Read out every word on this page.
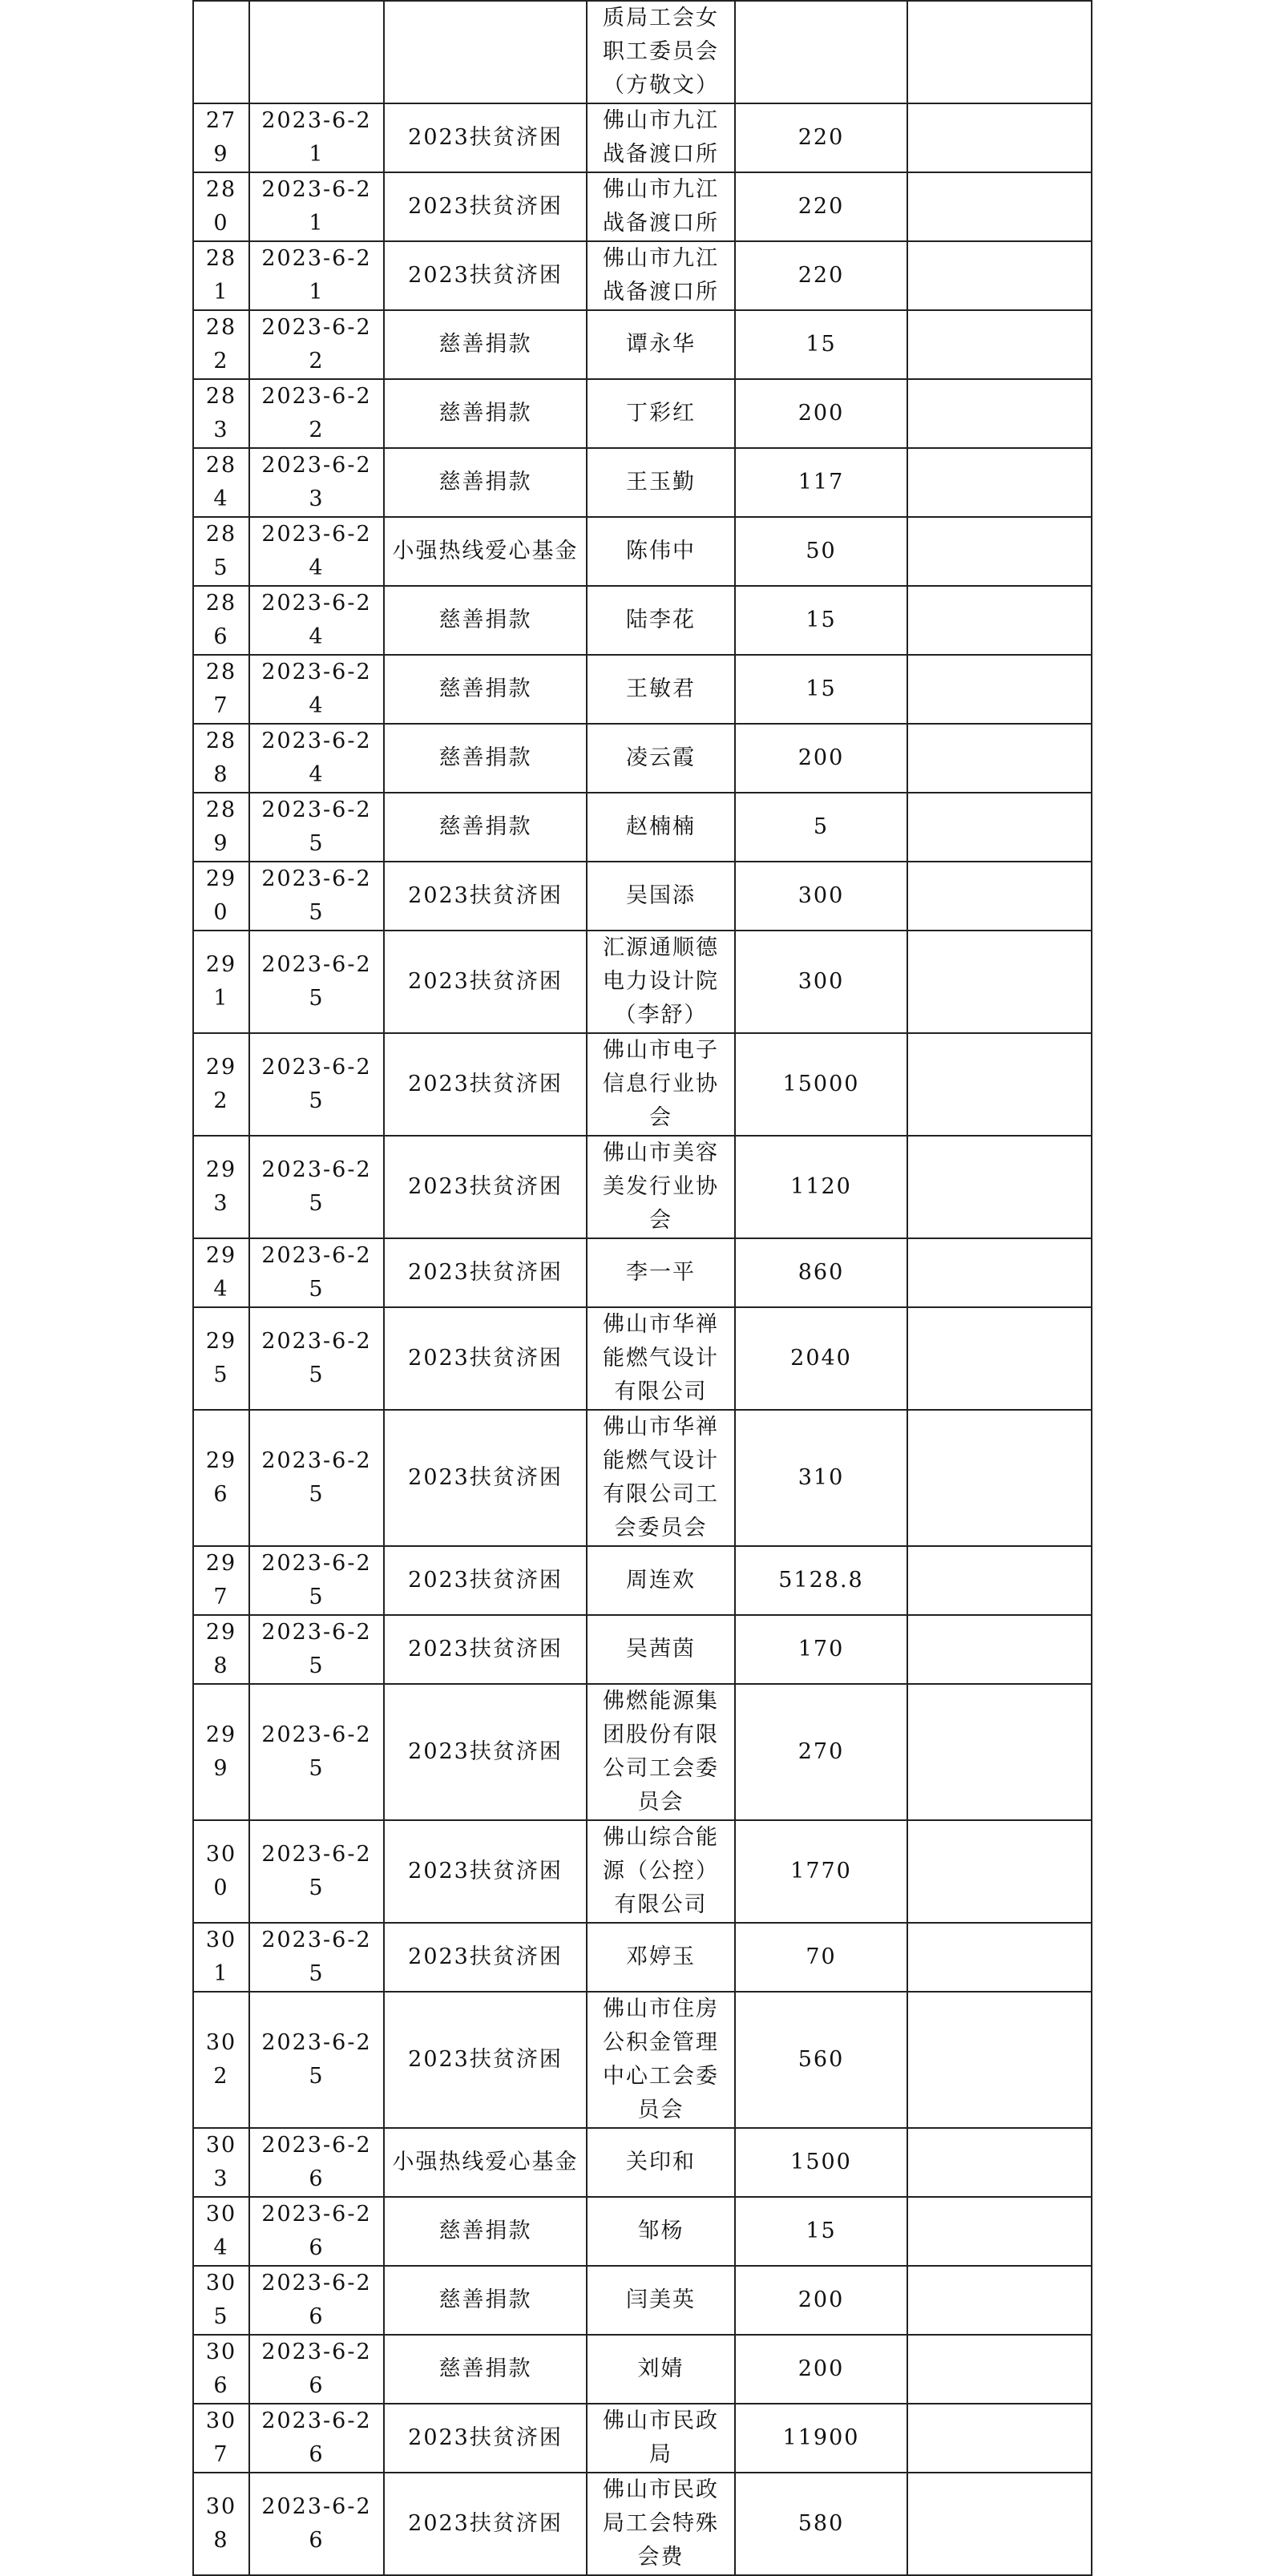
			质局工会女职工委员会（方敬文）		
279	2023-6-21	2023扶贫济困	佛山市九江战备渡口所	220	
280	2023-6-21	2023扶贫济困	佛山市九江战备渡口所	220	
281	2023-6-21	2023扶贫济困	佛山市九江战备渡口所	220	
282	2023-6-22	慈善捐款	谭永华	15	
283	2023-6-22	慈善捐款	丁彩红	200	
284	2023-6-23	慈善捐款	王玉勤	117	
285	2023-6-24	小强热线爱心基金	陈伟中	50	
286	2023-6-24	慈善捐款	陆李花	15	
287	2023-6-24	慈善捐款	王敏君	15	
288	2023-6-24	慈善捐款	凌云霞	200	
289	2023-6-25	慈善捐款	赵楠楠	5	
290	2023-6-25	2023扶贫济困	吴国添	300	
291	2023-6-25	2023扶贫济困	汇源通顺德电力设计院（李舒）	300	
292	2023-6-25	2023扶贫济困	佛山市电子信息行业协会	15000	
293	2023-6-25	2023扶贫济困	佛山市美容美发行业协会	1120	
294	2023-6-25	2023扶贫济困	李一平	860	
295	2023-6-25	2023扶贫济困	佛山市华禅能燃气设计有限公司	2040	
296	2023-6-25	2023扶贫济困	佛山市华禅能燃气设计有限公司工会委员会	310	
297	2023-6-25	2023扶贫济困	周连欢	5128.8	
298	2023-6-25	2023扶贫济困	吴茜茵	170	
299	2023-6-25	2023扶贫济困	佛燃能源集团股份有限公司工会委员会	270	
300	2023-6-25	2023扶贫济困	佛山综合能源（公控）有限公司	1770	
301	2023-6-25	2023扶贫济困	邓婷玉	70	
302	2023-6-25	2023扶贫济困	佛山市住房公积金管理中心工会委员会	560	
303	2023-6-26	小强热线爱心基金	关印和	1500	
304	2023-6-26	慈善捐款	邹杨	15	
305	2023-6-26	慈善捐款	闫美英	200	
306	2023-6-26	慈善捐款	刘婧	200	
307	2023-6-26	2023扶贫济困	佛山市民政局	11900	
308	2023-6-26	2023扶贫济困	佛山市民政局工会特殊会费	580	
